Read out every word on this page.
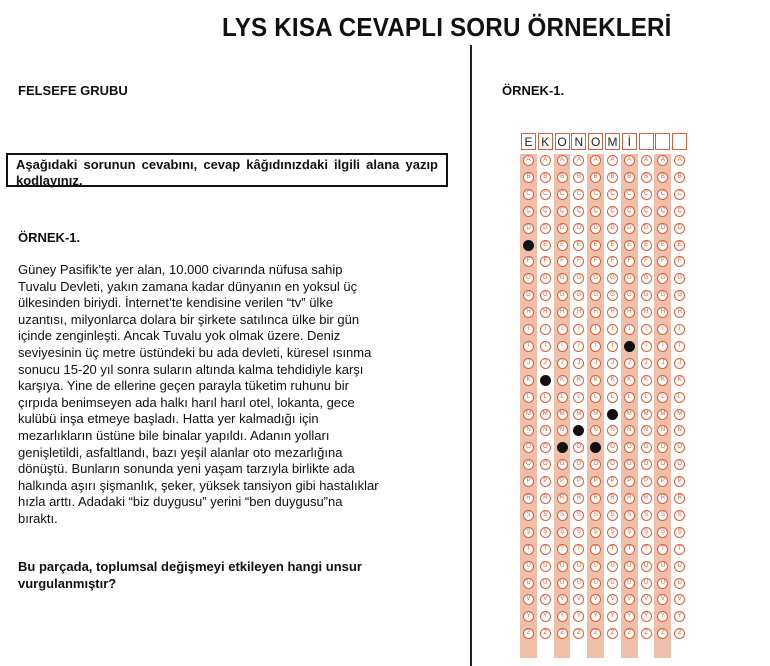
LYS KISA CEVAPLI SORU ÖRNEKLERİ
FELSEFE GRUBU
Aşağıdaki sorunun cevabını, cevap kâğıdınızdaki ilgili alana yazıp kodlayınız.
ÖRNEK-1.
Güney Pasifik’te yer alan, 10.000 civarında nüfusa sahip
Tuvalu Devleti, yakın zamana kadar dünyanın en yoksul üç
ülkesinden biriydi. İnternet’te kendisine verilen “tv” ülke
uzantısı, milyonlarca dolara bir şirkete satılınca ülke bir gün
içinde zenginleşti. Ancak Tuvalu yok olmak üzere. Deniz
seviyesinin üç metre üstündeki bu ada devleti, küresel ısınma
sonucu 15-20 yıl sonra suların altında kalma tehdidiyle karşı
karşıya. Yine de ellerine geçen parayla tüketim ruhunu bir
çırpıda benimseyen ada halkı harıl harıl otel, lokanta, gece
kulübü inşa etmeye başladı. Hatta yer kalmadığı için
mezarlıkların üstüne bile binalar yapıldı. Adanın yolları
genişletildi, asfaltlandı, bazı yeşil alanlar oto mezarlığına
dönüştü. Bunların sonunda yeni yaşam tarzıyla birlikte ada
halkında aşırı şişmanlık, şeker, yüksek tansiyon gibi hastalıklar
hızla arttı. Adadaki “biz duygusu” yerini “ben duygusu”na
bıraktı.
Bu parçada, toplumsal değişmeyi etkileyen hangi unsur
vurgulanmıştır?
ÖRNEK-1.
E
A
B
C
Ç
D
E
F
G
Ğ
H
I
İ
J
K
L
M
N
O
Ö
P
R
S
Ş
T
U
Ü
V
Y
Z
K
A
B
C
Ç
D
E
F
G
Ğ
H
I
İ
J
K
L
M
N
O
Ö
P
R
S
Ş
T
U
Ü
V
Y
Z
O
A
B
C
Ç
D
E
F
G
Ğ
H
I
İ
J
K
L
M
N
O
Ö
P
R
S
Ş
T
U
Ü
V
Y
Z
N
A
B
C
Ç
D
E
F
G
Ğ
H
I
İ
J
K
L
M
N
O
Ö
P
R
S
Ş
T
U
Ü
V
Y
Z
O
A
B
C
Ç
D
E
F
G
Ğ
H
I
İ
J
K
L
M
N
O
Ö
P
R
S
Ş
T
U
Ü
V
Y
Z
M
A
B
C
Ç
D
E
F
G
Ğ
H
I
İ
J
K
L
M
N
O
Ö
P
R
S
Ş
T
U
Ü
V
Y
Z
İ
A
B
C
Ç
D
E
F
G
Ğ
H
I
İ
J
K
L
M
N
O
Ö
P
R
S
Ş
T
U
Ü
V
Y
Z
A
B
C
Ç
D
E
F
G
Ğ
H
I
İ
J
K
L
M
N
O
Ö
P
R
S
Ş
T
U
Ü
V
Y
Z
A
B
C
Ç
D
E
F
G
Ğ
H
I
İ
J
K
L
M
N
O
Ö
P
R
S
Ş
T
U
Ü
V
Y
Z
A
B
C
Ç
D
E
F
G
Ğ
H
I
İ
J
K
L
M
N
O
Ö
P
R
S
Ş
T
U
Ü
V
Y
Z
